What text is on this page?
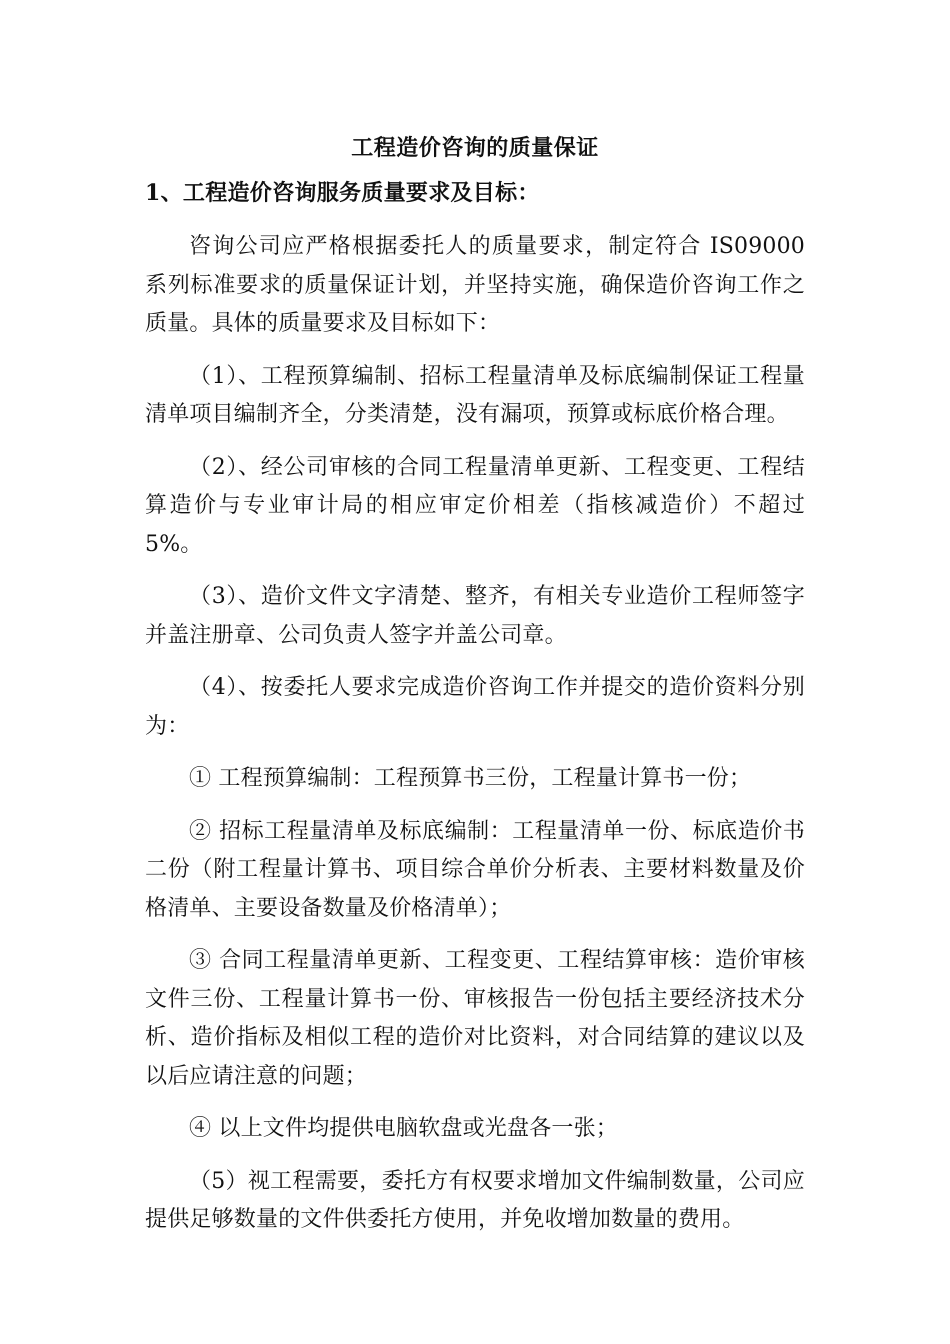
工程造价咨询的质量保证
1、工程造价咨询服务质量要求及目标：

咨询公司应严格根据委托人的质量要求，制定符合 IS09000 系列标准要求的质量保证计划，并坚持实施，确保造价咨询工作之质量。具体的质量要求及目标如下：

（1）、工程预算编制、招标工程量清单及标底编制保证工程量清单项目编制齐全，分类清楚，没有漏项，预算或标底价格合理。

（2）、经公司审核的合同工程量清单更新、工程变更、工程结算造价与专业审计局的相应审定价相差（指核减造价）不超过 5%。

（3）、造价文件文字清楚、整齐，有相关专业造价工程师签字并盖注册章、公司负责人签字并盖公司章。

（4）、按委托人要求完成造价咨询工作并提交的造价资料分别为：

① 工程预算编制：工程预算书三份，工程量计算书一份；

② 招标工程量清单及标底编制：工程量清单一份、标底造价书二份（附工程量计算书、项目综合单价分析表、主要材料数量及价格清单、主要设备数量及价格清单）；

③ 合同工程量清单更新、工程变更、工程结算审核：造价审核文件三份、工程量计算书一份、审核报告一份包括主要经济技术分析、造价指标及相似工程的造价对比资料，对合同结算的建议以及以后应请注意的问题；

④ 以上文件均提供电脑软盘或光盘各一张；

（5）视工程需要，委托方有权要求增加文件编制数量，公司应提供足够数量的文件供委托方使用，并免收增加数量的费用。
